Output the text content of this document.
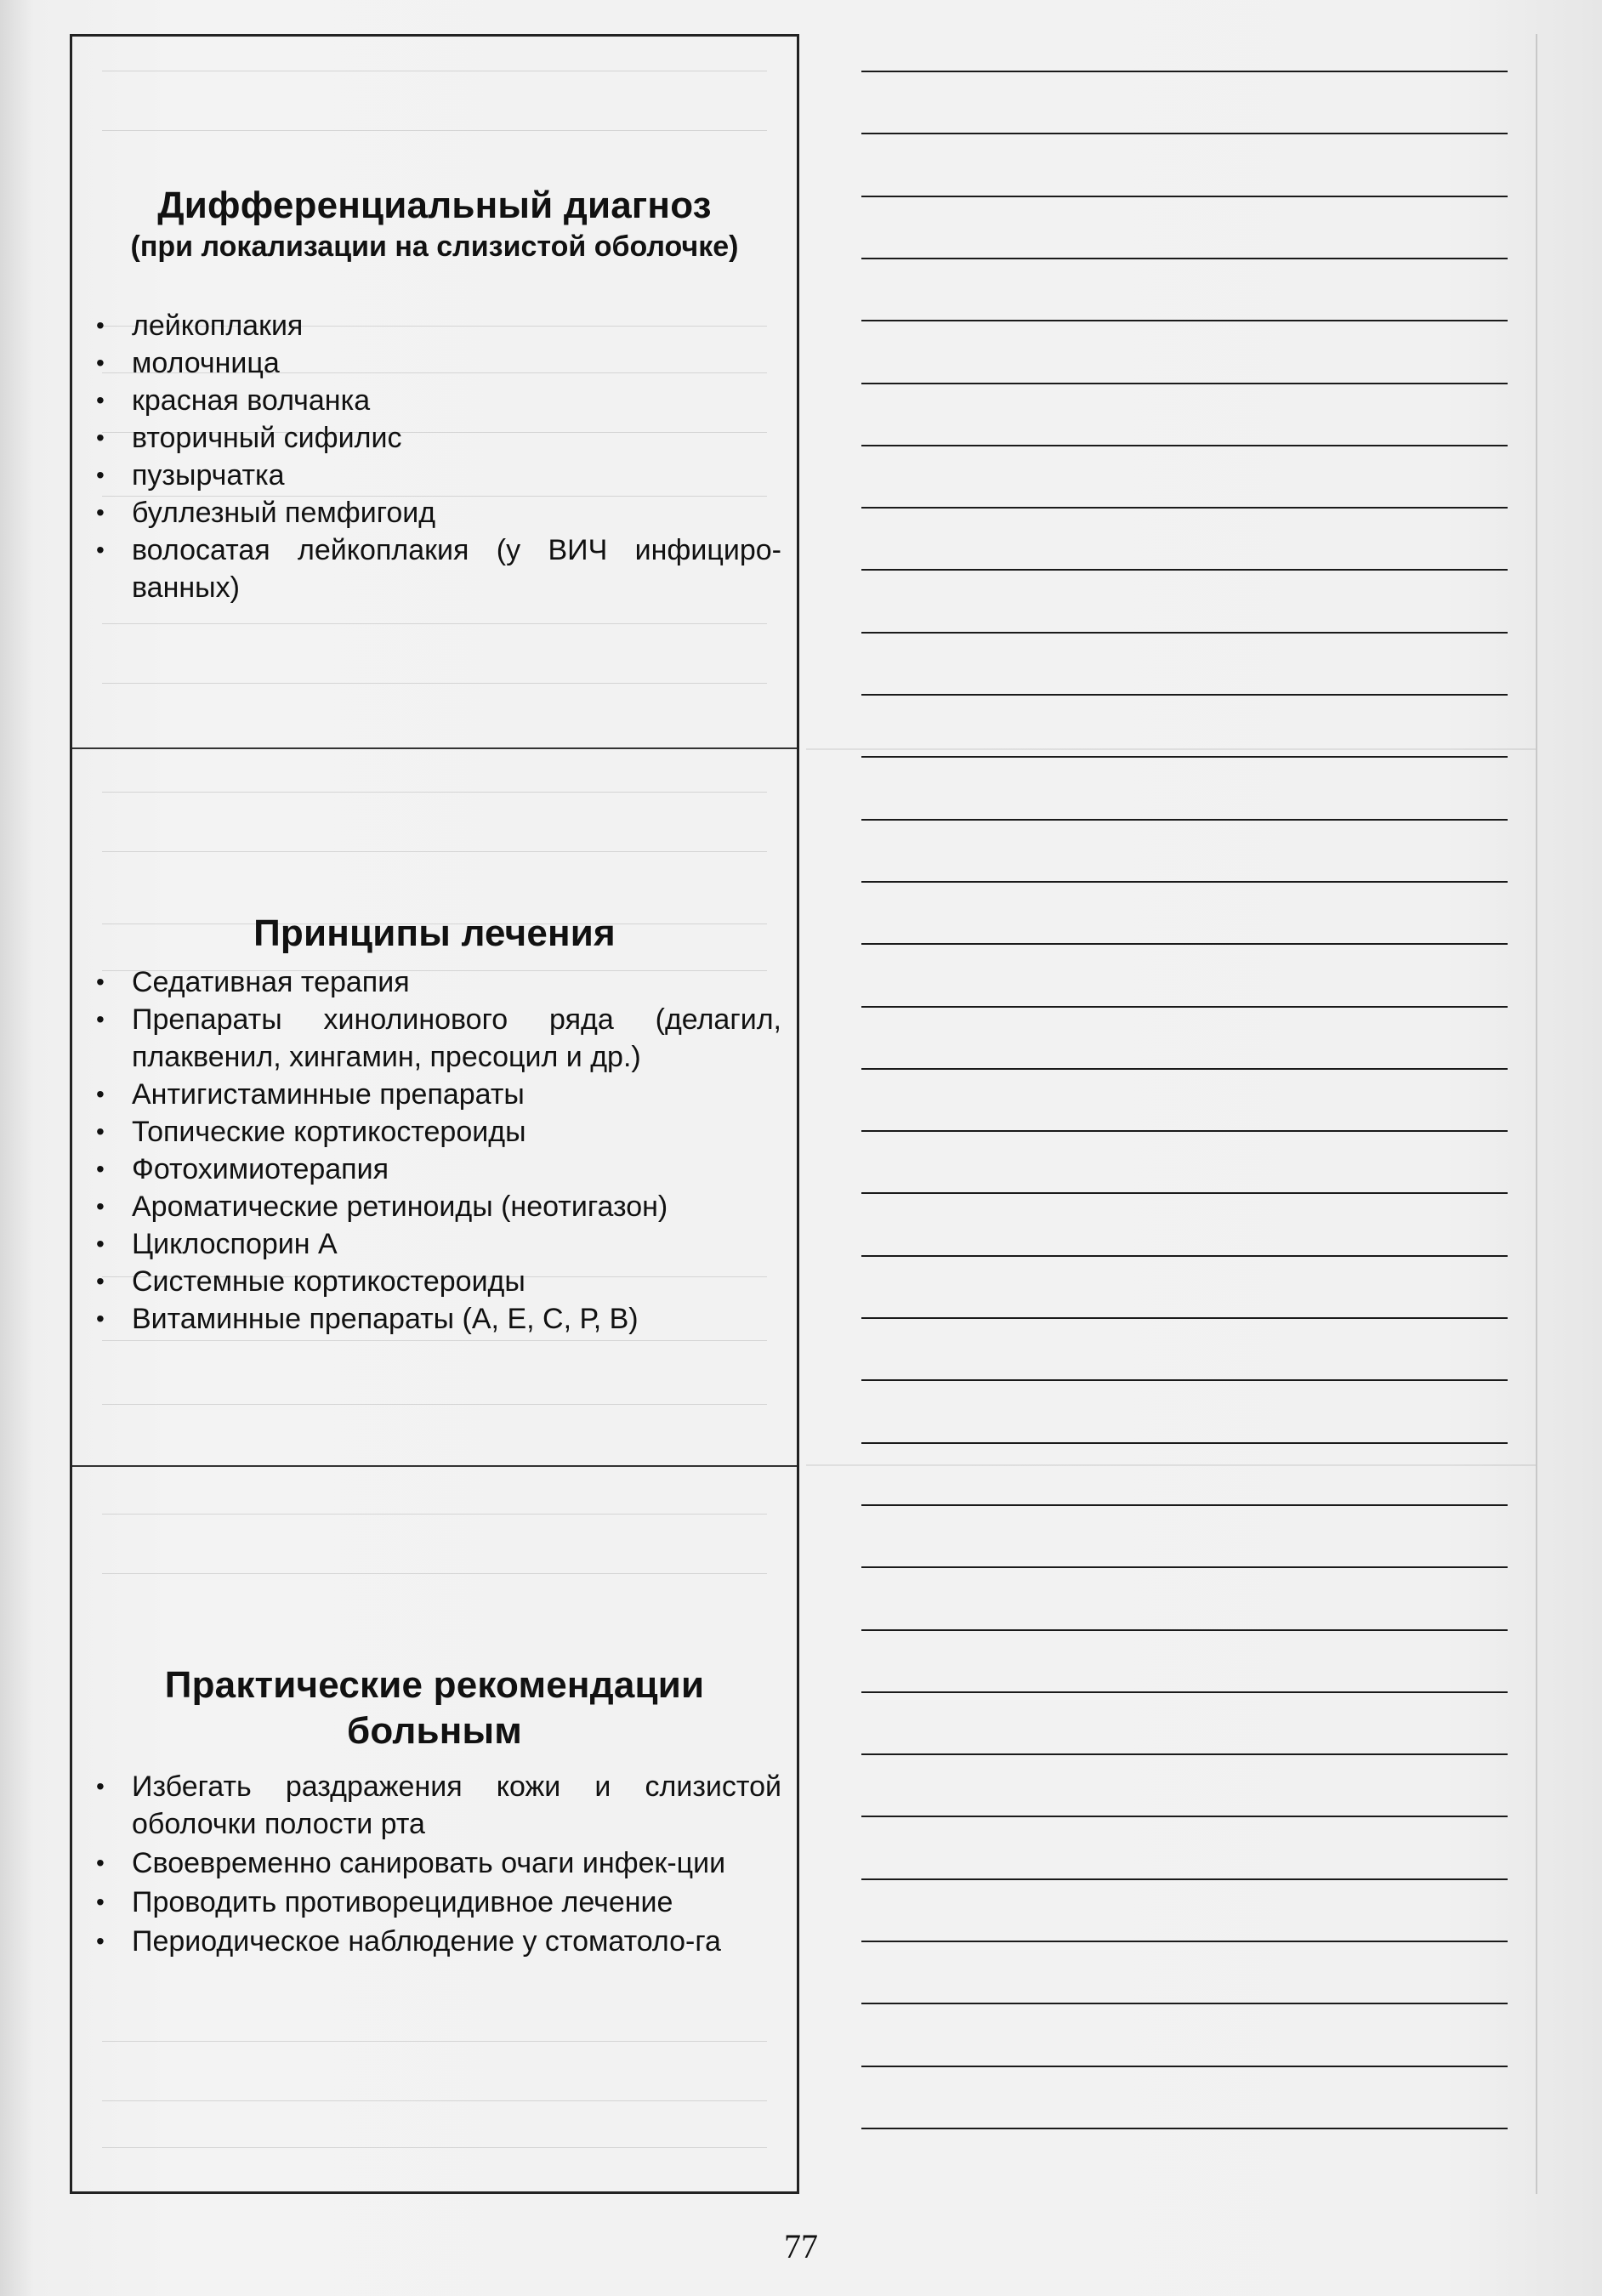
Дифференциальный диагноз
(при локализации на слизистой оболочке)
• лейкоплакия
• молочница
• красная волчанка
• вторичный сифилис
• пузырчатка
• буллезный пемфигоид
• волосатая лейкоплакия (у ВИЧ инфициро-ванных)
Принципы лечения
• Седативная терапия
• Препараты хинолинового ряда (делагил, плаквенил, хингамин, пресоцил и др.)
• Антигистаминные препараты
• Топические кортикостероиды
• Фотохимиотерапия
• Ароматические ретиноиды (неотигазон)
• Циклоспорин А
• Системные кортикостероиды
• Витаминные препараты (А, Е, С, Р, В)
Практические рекомендации
больным
• Избегать раздражения кожи и слизистой оболочки полости рта
• Своевременно санировать очаги инфек-ции
• Проводить противорецидивное лечение
• Периодическое наблюдение у стоматоло-га
77
